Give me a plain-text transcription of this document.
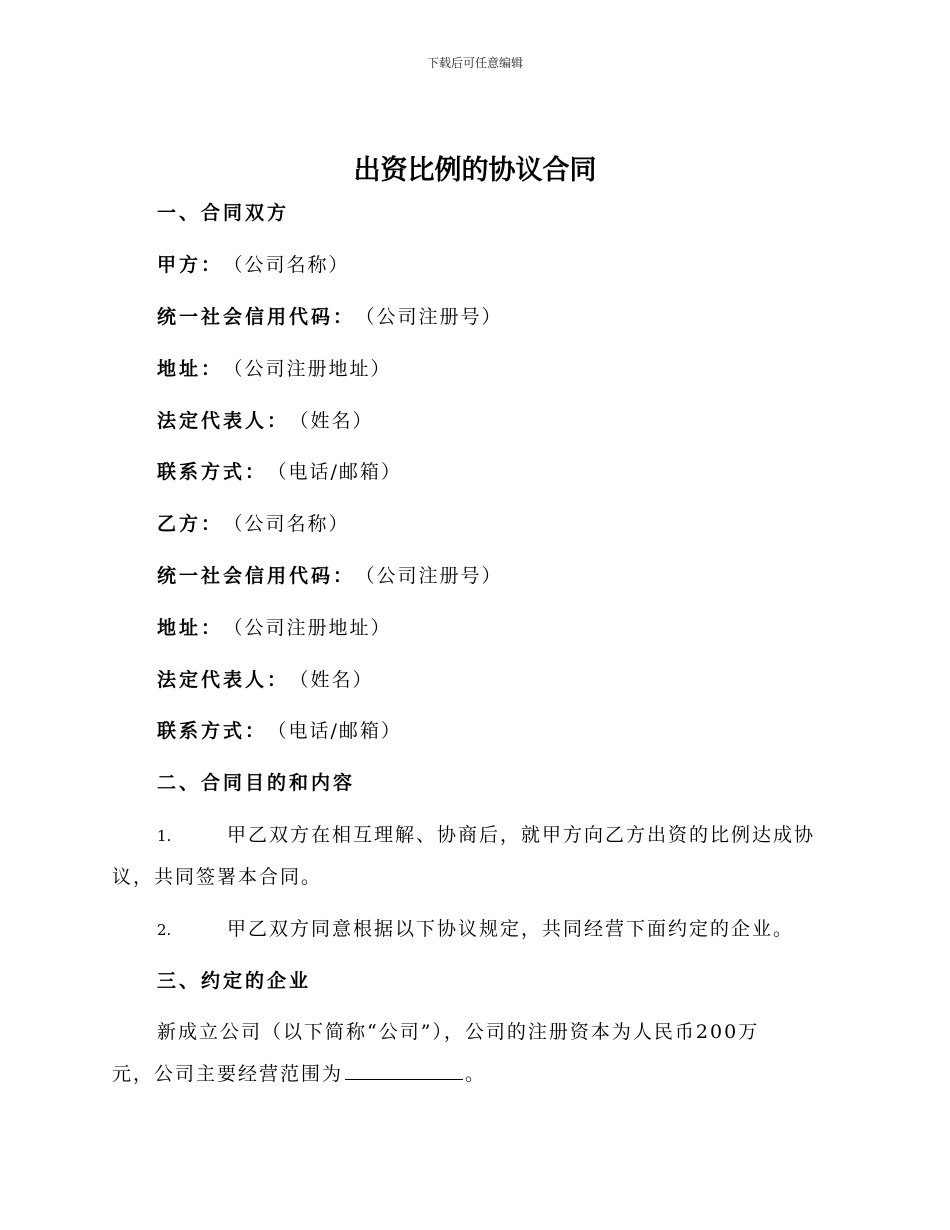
下载后可任意编辑
出资比例的协议合同
一、合同双方
甲方： （公司名称）
统一社会信用代码： （公司注册号）
地址： （公司注册地址）
法定代表人： （姓名）
联系方式： （电话/邮箱）
乙方： （公司名称）
统一社会信用代码： （公司注册号）
地址： （公司注册地址）
法定代表人： （姓名）
联系方式： （电话/邮箱）
二、合同目的和内容
1.	甲乙双方在相互理解、协商后，就甲方向乙方出资的比例达成协
议，共同签署本合同。
2.	甲乙双方同意根据以下协议规定，共同经营下面约定的企业。
三、约定的企业
新成立公司（以下简称“公司”），公司的注册资本为人民币200万
元，公司主要经营范围为	。
